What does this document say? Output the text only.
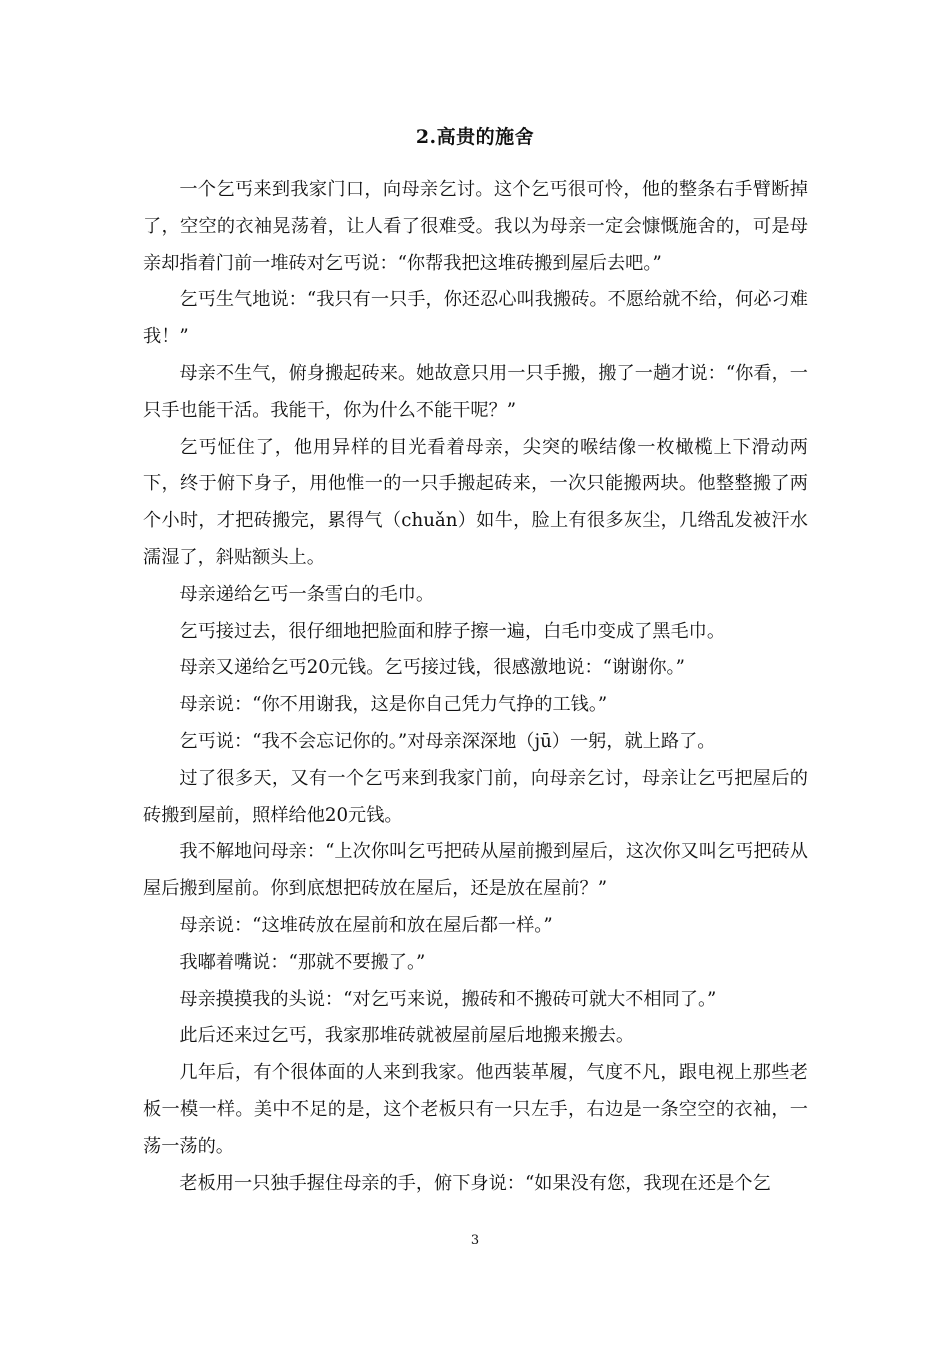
2.高贵的施舍

一个乞丐来到我家门口，向母亲乞讨。这个乞丐很可怜，他的整条右手臂断掉了，空空的衣袖晃荡着，让人看了很难受。我以为母亲一定会慷慨施舍的，可是母亲却指着门前一堆砖对乞丐说：“你帮我把这堆砖搬到屋后去吧。”

乞丐生气地说：“我只有一只手，你还忍心叫我搬砖。不愿给就不给，何必刁难我！”

母亲不生气，俯身搬起砖来。她故意只用一只手搬，搬了一趟才说：“你看，一只手也能干活。我能干，你为什么不能干呢？”

乞丐怔住了，他用异样的目光看着母亲，尖突的喉结像一枚橄榄上下滑动两下，终于俯下身子，用他惟一的一只手搬起砖来，一次只能搬两块。他整整搬了两个小时，才把砖搬完，累得气（chuǎn）如牛，脸上有很多灰尘，几绺乱发被汗水濡湿了，斜贴额头上。

母亲递给乞丐一条雪白的毛巾。

乞丐接过去，很仔细地把脸面和脖子擦一遍，白毛巾变成了黑毛巾。

母亲又递给乞丐20元钱。乞丐接过钱，很感激地说：“谢谢你。”

母亲说：“你不用谢我，这是你自己凭力气挣的工钱。”

乞丐说：“我不会忘记你的。”对母亲深深地（jū）一躬，就上路了。

过了很多天，又有一个乞丐来到我家门前，向母亲乞讨，母亲让乞丐把屋后的砖搬到屋前，照样给他20元钱。

我不解地问母亲：“上次你叫乞丐把砖从屋前搬到屋后，这次你又叫乞丐把砖从屋后搬到屋前。你到底想把砖放在屋后，还是放在屋前？”

母亲说：“这堆砖放在屋前和放在屋后都一样。”

我嘟着嘴说：“那就不要搬了。”

母亲摸摸我的头说：“对乞丐来说，搬砖和不搬砖可就大不相同了。”

此后还来过乞丐，我家那堆砖就被屋前屋后地搬来搬去。

几年后，有个很体面的人来到我家。他西装革履，气度不凡，跟电视上那些老板一模一样。美中不足的是，这个老板只有一只左手，右边是一条空空的衣袖，一荡一荡的。

老板用一只独手握住母亲的手，俯下身说：“如果没有您，我现在还是个乞

3
